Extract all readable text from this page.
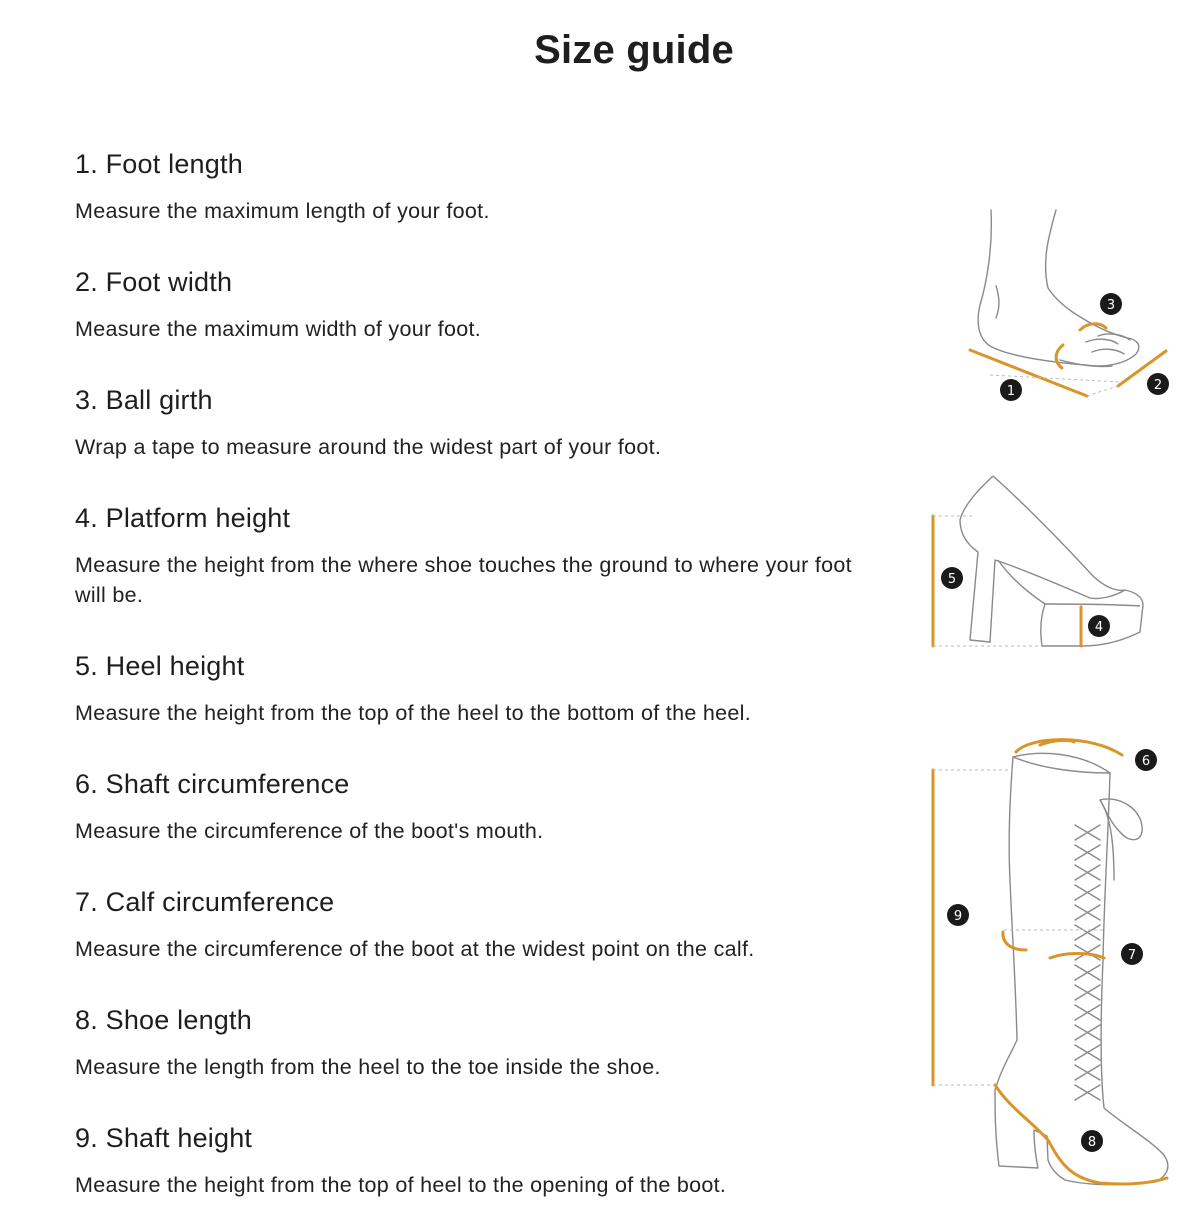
Size guide
1. Foot length

Measure the maximum length of your foot.

2. Foot width

Measure the maximum width of your foot.

3. Ball girth

Wrap a tape to measure around the widest part of your foot.

4. Platform height

Measure the height from the where shoe touches the ground to where your foot will be.

5. Heel height

Measure the height from the top of the heel to the bottom of the heel.

6. Shaft circumference

Measure the circumference of the boot's mouth.

7. Calf circumference

Measure the circumference of the boot at the widest point on the calf.

8. Shoe length

Measure the length from the heel to the toe inside the shoe.

9. Shaft height

Measure the height from the top of heel to the opening of the boot.

1	2
3
4
5
6
7
8
9
